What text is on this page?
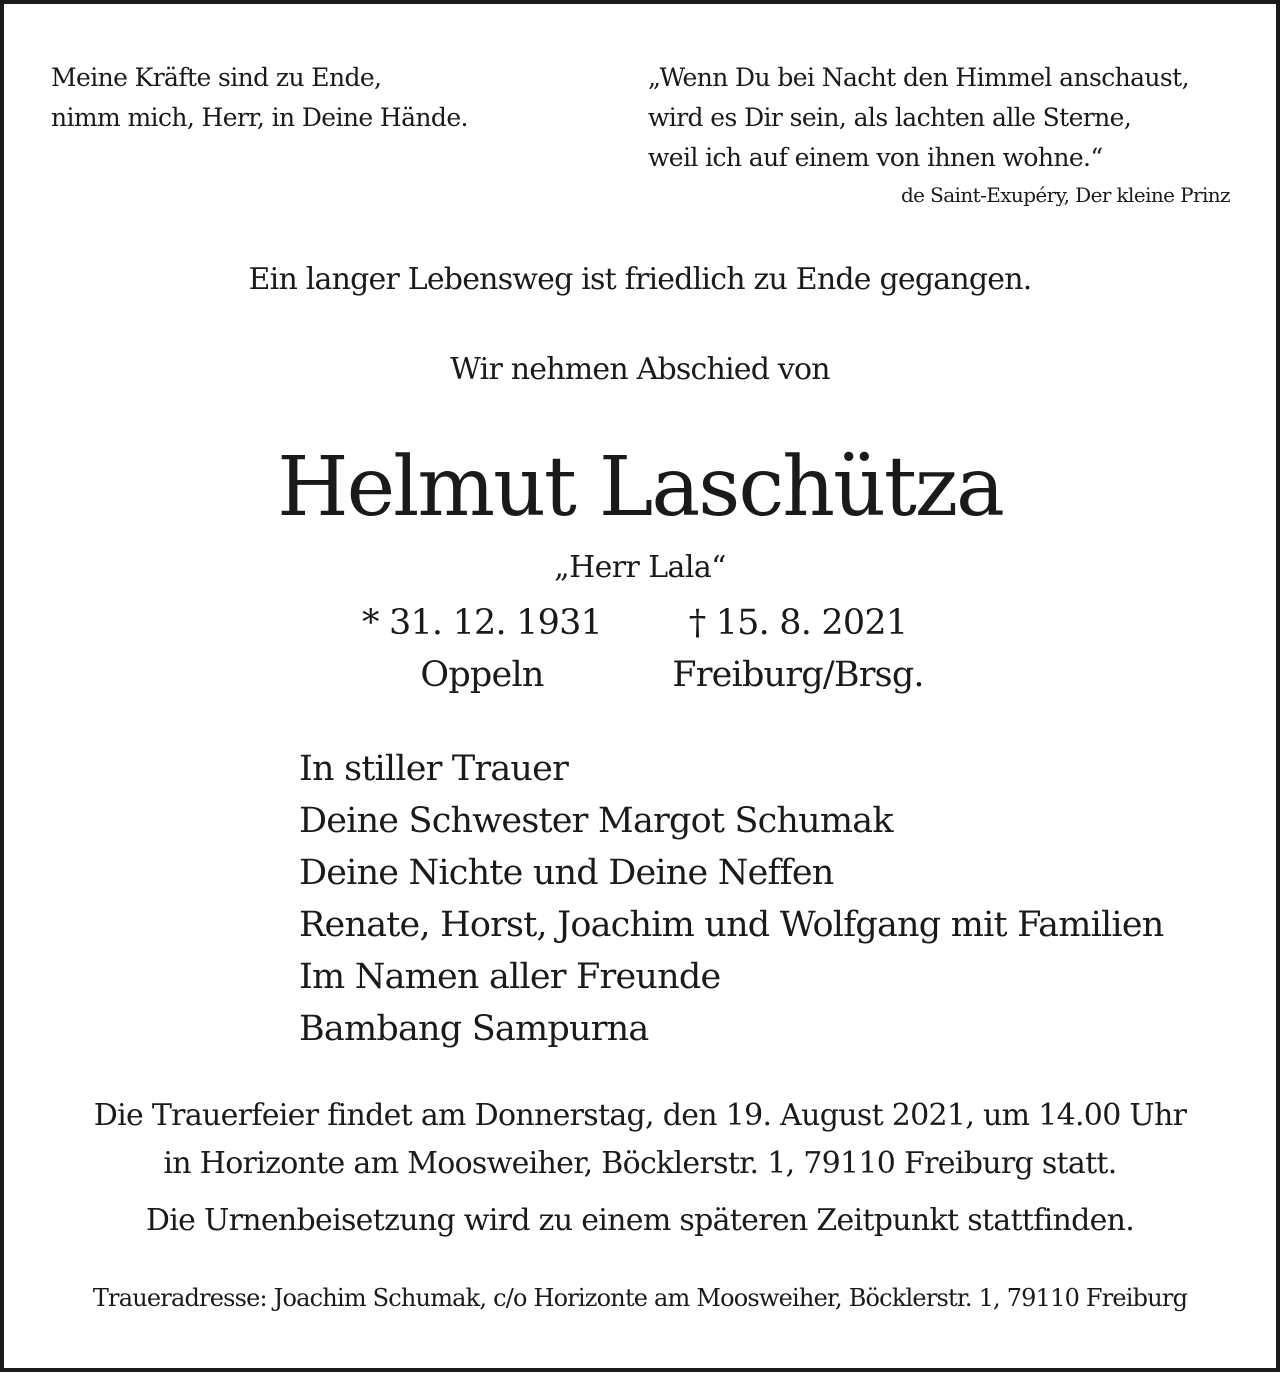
Meine Kräfte sind zu Ende,
nimm mich, Herr, in Deine Hände.
„Wenn Du bei Nacht den Himmel anschaust,
wird es Dir sein, als lachten alle Sterne,
weil ich auf einem von ihnen wohne.“
de Saint-Exupéry, Der kleine Prinz
Ein langer Lebensweg ist friedlich zu Ende gegangen.
Wir nehmen Abschied von
Helmut Laschütza
„Herr Lala“
* 31. 12. 1931
Oppeln
† 15. 8. 2021
Freiburg/Brsg.
In stiller Trauer
Deine Schwester Margot Schumak
Deine Nichte und Deine Neffen
Renate, Horst, Joachim und Wolfgang mit Familien
Im Namen aller Freunde
Bambang Sampurna
Die Trauerfeier findet am Donnerstag, den 19. August 2021, um 14.00 Uhr
in Horizonte am Moosweiher, Böcklerstr. 1, 79110 Freiburg statt.
Die Urnenbeisetzung wird zu einem späteren Zeitpunkt stattfinden.
Traueradresse: Joachim Schumak, c/o Horizonte am Moosweiher, Böcklerstr. 1, 79110 Freiburg
